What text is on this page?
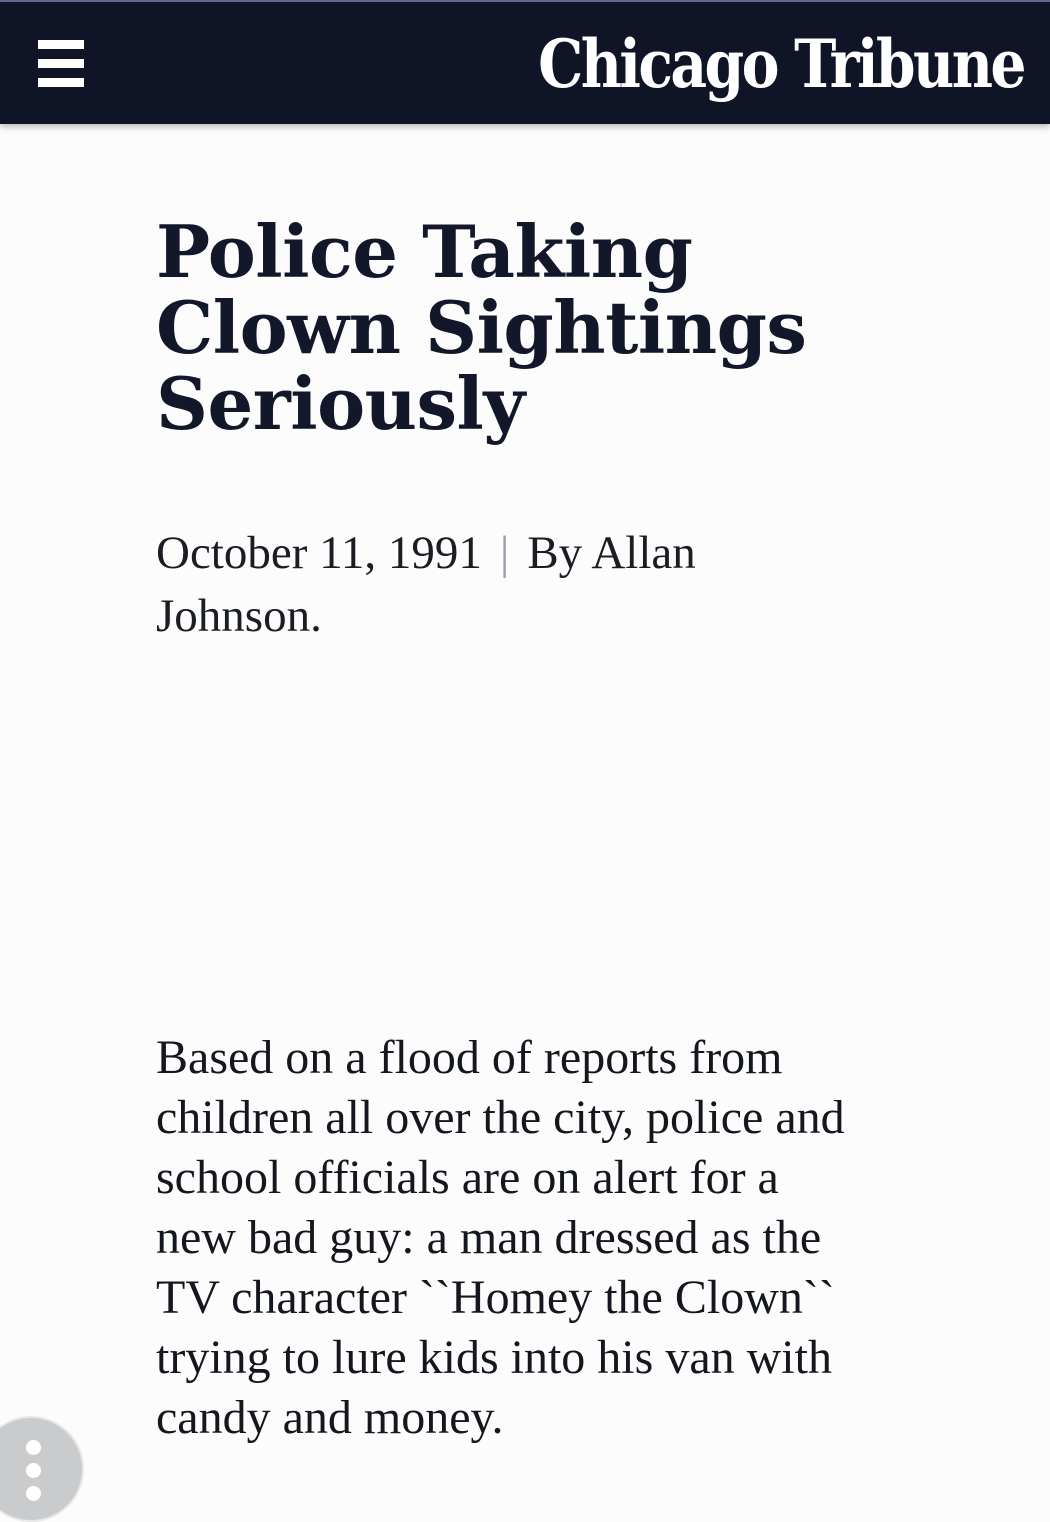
Chicago Tribune
Police Taking Clown Sightings Seriously
October 11, 1991 | By Allan Johnson.

Based on a flood of reports from children all over the city, police and school officials are on alert for a new bad guy: a man dressed as the TV character ``Homey the Clown`` trying to lure kids into his van with candy and money.
